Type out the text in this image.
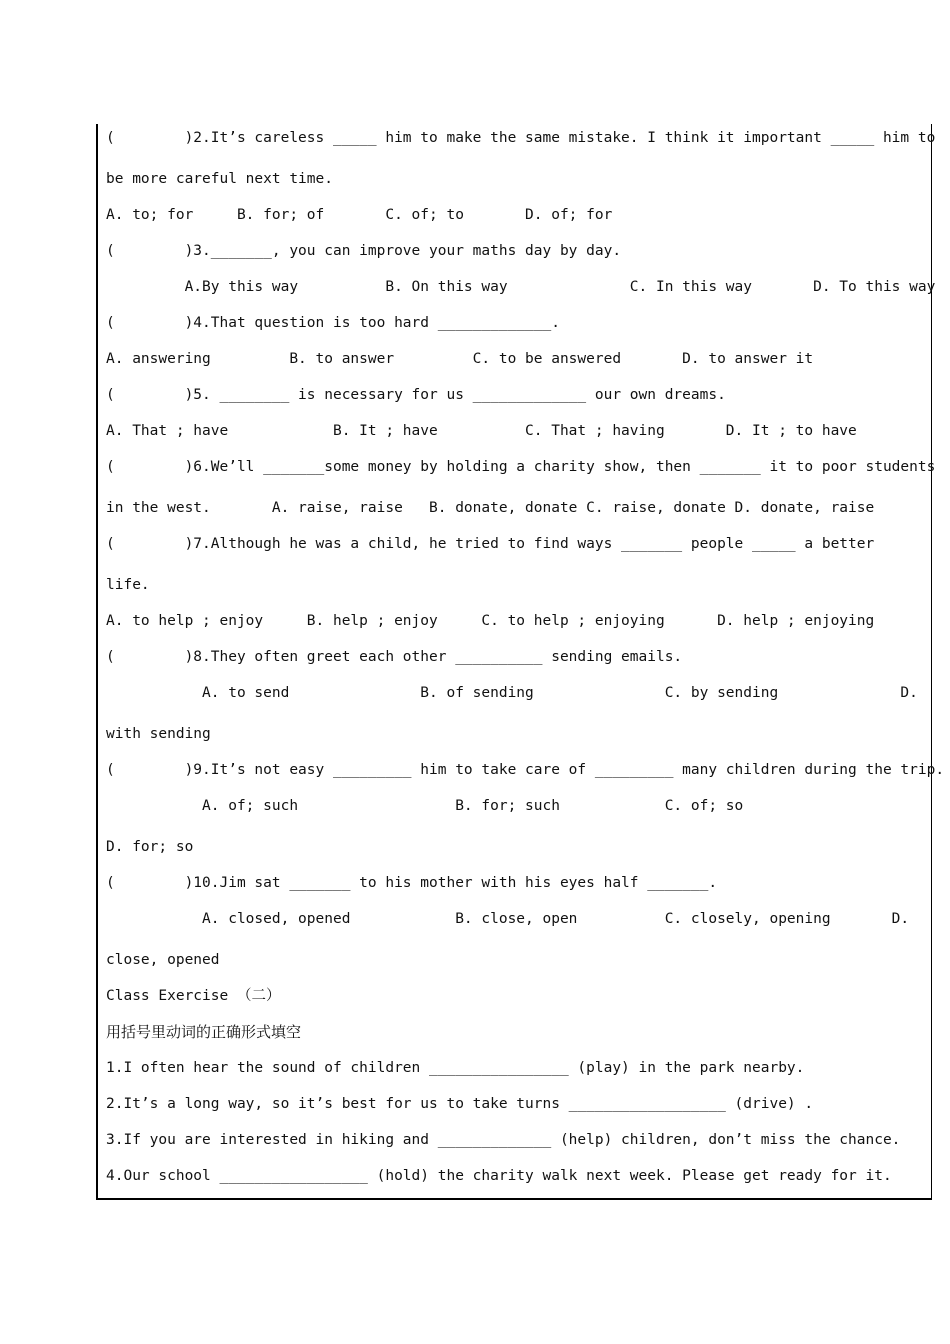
(        )2.It’s careless _____ him to make the same mistake. I think it important _____ him to
be more careful next time.
A. to; for     B. for; of       C. of; to       D. of; for
(        )3._______, you can improve your maths day by day.
A.By this way          B. On this way              C. In this way       D. To this way
(        )4.That question is too hard _____________.
A. answering         B. to answer         C. to be answered       D. to answer it
(        )5. ________ is necessary for us _____________ our own dreams.
A. That ; have            B. It ; have          C. That ; having       D. It ; to have
(        )6.We’ll _______some money by holding a charity show, then _______ it to poor students
in the west.       A. raise, raise   B. donate, donate C. raise, donate D. donate, raise
(        )7.Although he was a child, he tried to find ways _______ people _____ a better
life.
A. to help ; enjoy     B. help ; enjoy     C. to help ; enjoying      D. help ; enjoying
(        )8.They often greet each other __________ sending emails.
A. to send               B. of sending               C. by sending              D.
with sending
(        )9.It’s not easy _________ him to take care of _________ many children during the trip.
A. of; such                  B. for; such            C. of; so
D. for; so
(        )10.Jim sat _______ to his mother with his eyes half _______.
A. closed, opened            B. close, open          C. closely, opening       D.
close, opened
Class Exercise （二）
用括号里动词的正确形式填空
1.I often hear the sound of children ________________ (play) in the park nearby.
2.It’s a long way, so it’s best for us to take turns __________________ (drive) .
3.If you are interested in hiking and _____________ (help) children, don’t miss the chance.
4.Our school _________________ (hold) the charity walk next week. Please get ready for it.
